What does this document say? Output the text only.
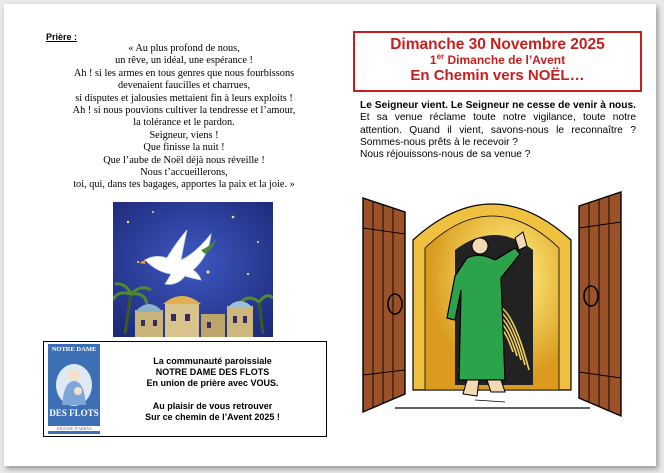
Prière :
« Au plus profond de nous,
un rêve, un idéal, une espérance !
Ah ! si les armes en tous genres que nous fourbissons
devenaient faucilles et charrues,
si disputes et jalousies mettaient fin à leurs exploits !
Ah ! si nous pouvions cultiver la tendresse et l’amour,
la tolérance et le pardon.
Seigneur, viens !
Que finisse la nuit !
Que l’aube de Noël déjà nous réveille !
Nous t’accueillerons,
toi, qui, dans tes bagages, apportes la paix et la joie. »
NOTRE DAME
DES FLOTS
DIOCESE D'ARRAS
La communauté paroissiale
NOTRE DAME DES FLOTS
En union de prière avec VOUS.
Au plaisir de vous retrouver
Sur ce chemin de l’Avent 2025 !
Dimanche 30 Novembre 2025
1er Dimanche de l’Avent
En Chemin vers NOËL…
Le Seigneur vient. Le Seigneur ne cesse de venir à nous. Et sa venue réclame toute notre vigilance, toute notre attention. Quand il vient, savons-nous le reconnaître ? Sommes-nous prêts à le recevoir ?
Nous réjouissons-nous de sa venue ?
